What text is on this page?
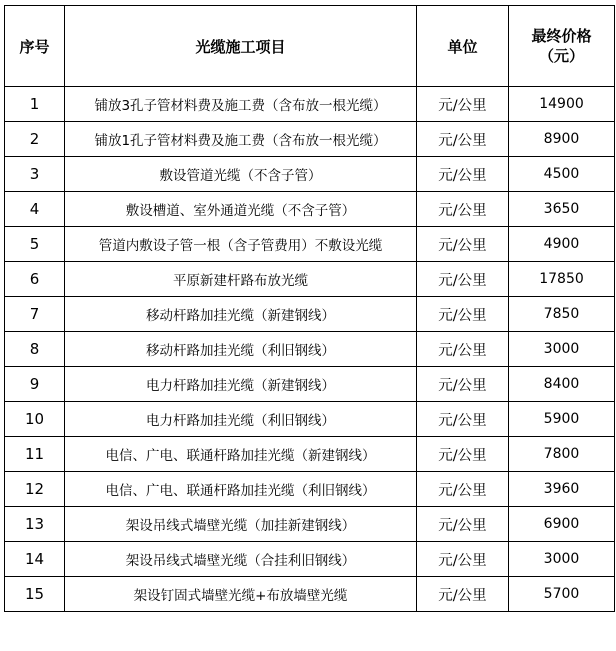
序号	光缆施工项目	单位	最终价格
（元）

1	铺放3孔子管材料费及施工费（含布放一根光缆）	元/公里	14900
2	铺放1孔子管材料费及施工费（含布放一根光缆）	元/公里	8900
3	敷设管道光缆（不含子管）	元/公里	4500
4	敷设槽道、室外通道光缆（不含子管）	元/公里	3650
5	管道内敷设子管一根（含子管费用）不敷设光缆	元/公里	4900
6	平原新建杆路布放光缆	元/公里	17850
7	移动杆路加挂光缆（新建钢线）	元/公里	7850
8	移动杆路加挂光缆（利旧钢线）	元/公里	3000
9	电力杆路加挂光缆（新建钢线）	元/公里	8400
10	电力杆路加挂光缆（利旧钢线）	元/公里	5900
11	电信、广电、联通杆路加挂光缆（新建钢线）	元/公里	7800
12	电信、广电、联通杆路加挂光缆（利旧钢线）	元/公里	3960
13	架设吊线式墙壁光缆（加挂新建钢线）	元/公里	6900
14	架设吊线式墙壁光缆（合挂利旧钢线）	元/公里	3000
15	架设钉固式墙壁光缆+布放墙壁光缆	元/公里	5700
